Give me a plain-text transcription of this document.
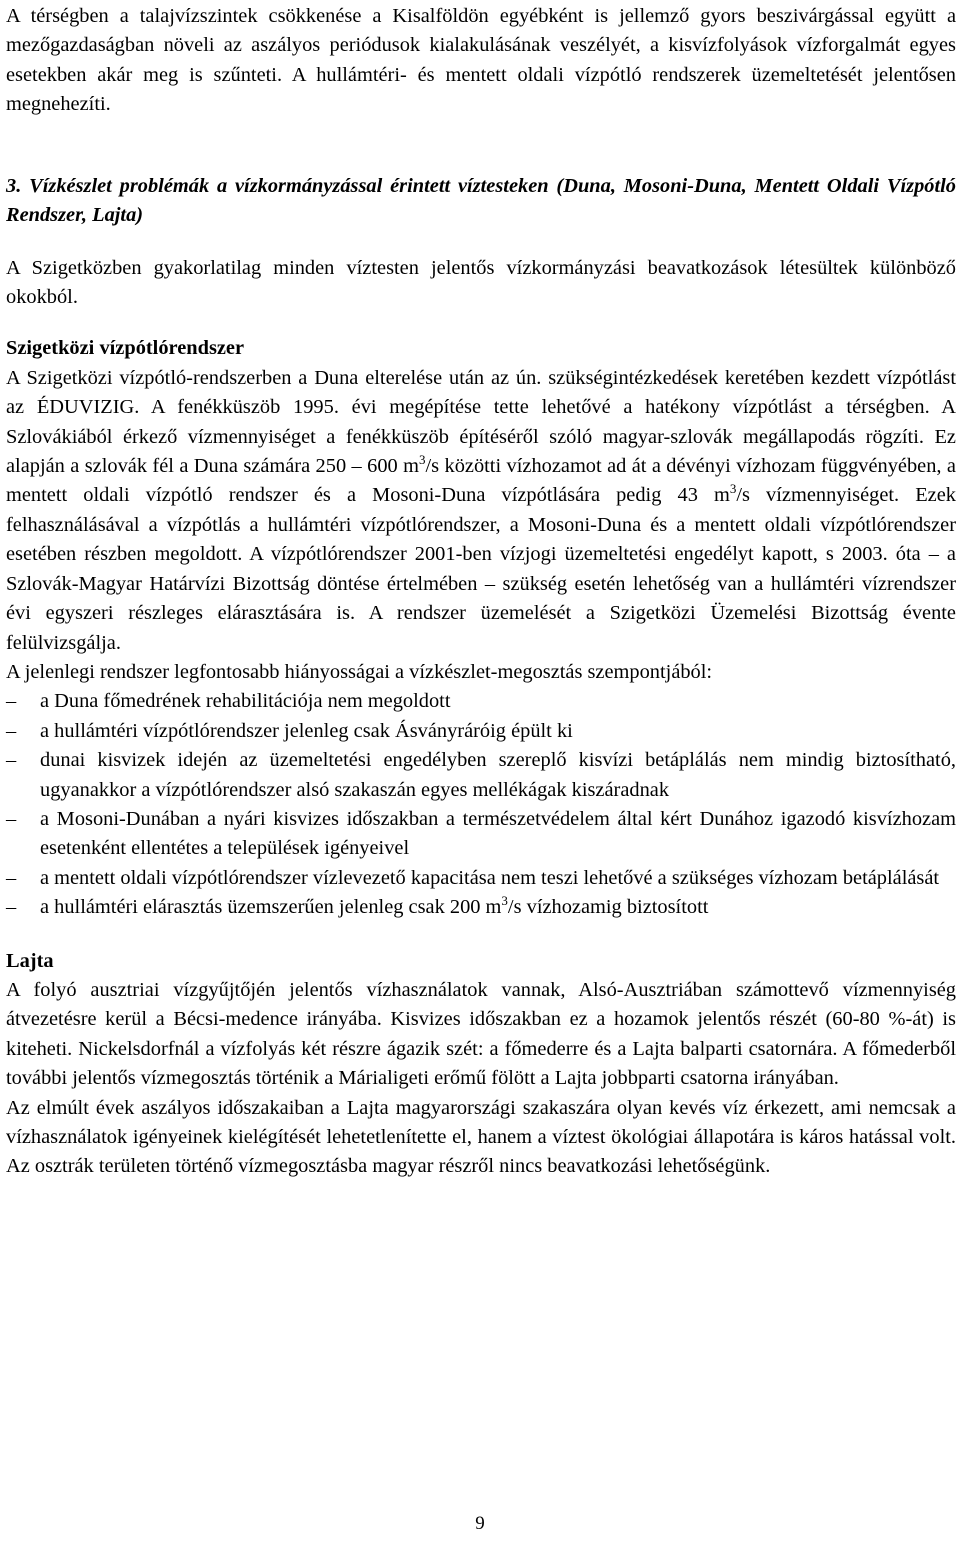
A térségben a talajvízszintek csökkenése a Kisalföldön egyébként is jellemző gyors beszivárgással együtt a mezőgazdaságban növeli az aszályos periódusok kialakulásának veszélyét, a kisvízfolyások vízforgalmát egyes esetekben akár meg is szűnteti. A hullámtéri- és mentett oldali vízpótló rendszerek üzemeltetését jelentősen megnehezíti.

3. Vízkészlet problémák a vízkormányzással érintett víztesteken (Duna, Mosoni-Duna, Mentett Oldali Vízpótló Rendszer, Lajta)

A Szigetközben gyakorlatilag minden víztesten jelentős vízkormányzási beavatkozások létesültek különböző okokból.

Szigetközi vízpótlórendszer

A Szigetközi vízpótló-rendszerben a Duna elterelése után az ún. szükségintézkedések keretében kezdett vízpótlást az ÉDUVIZIG. A fenékküszöb 1995. évi megépítése tette lehetővé a hatékony vízpótlást a térségben. A Szlovákiából érkező vízmennyiséget a fenékküszöb építéséről szóló magyar-szlovák megállapodás rögzíti. Ez alapján a szlovák fél a Duna számára 250 – 600 $m^3/s$ közötti vízhozamot ad át a dévényi vízhozam függvényében, a mentett oldali vízpótló rendszer és a Mosoni-Duna vízpótlására pedig 43 $m^3/s$ vízmennyiséget. Ezek felhasználásával a vízpótlás a hullámtéri vízpótlórendszer, a Mosoni-Duna és a mentett oldali vízpótlórendszer esetében részben megoldott. A vízpótlórendszer 2001-ben vízjogi üzemeltetési engedélyt kapott, s 2003. óta – a Szlovák-Magyar Határvízi Bizottság döntése értelmében – szükség esetén lehetőség van a hullámtéri vízrendszer évi egyszeri részleges elárasztására is. A rendszer üzemelését a Szigetközi Üzemelési Bizottság évente felülvizsgálja.

A jelenlegi rendszer legfontosabb hiányosságai a vízkészlet-megosztás szempontjából:

–	a Duna főmedrének rehabilitációja nem megoldott
–	a hullámtéri vízpótlórendszer jelenleg csak Ásványráróig épült ki
–	dunai kisvizek idején az üzemeltetési engedélyben szereplő kisvízi betáplálás nem mindig biztosítható, ugyanakkor a vízpótlórendszer alsó szakaszán egyes mellékágak kiszáradnak
–	a Mosoni-Dunában a nyári kisvizes időszakban a természetvédelem által kért Dunához igazodó kisvízhozam esetenként ellentétes a települések igényeivel
–	a mentett oldali vízpótlórendszer vízlevezető kapacitása nem teszi lehetővé a szükséges vízhozam betáplálását
–	a hullámtéri elárasztás üzemszerűen jelenleg csak 200 $m^3/s$ vízhozamig biztosított

Lajta

A folyó ausztriai vízgyűjtőjén jelentős vízhasználatok vannak, Alsó-Ausztriában számottevő vízmennyiség átvezetésre kerül a Bécsi-medence irányába. Kisvizes időszakban ez a hozamok jelentős részét (60-80 %-át) is kiteheti. Nickelsdorfnál a vízfolyás két részre ágazik szét: a főmederre és a Lajta balparti csatornára. A főmederből további jelentős vízmegosztás történik a Márialigeti erőmű fölött a Lajta jobbparti csatorna irányában.

Az elmúlt évek aszályos időszakaiban a Lajta magyarországi szakaszára olyan kevés víz érkezett, ami nemcsak a vízhasználatok igényeinek kielégítését lehetetlenítette el, hanem a víztest ökológiai állapotára is káros hatással volt. Az osztrák területen történő vízmegosztásba magyar részről nincs beavatkozási lehetőségünk.

9
